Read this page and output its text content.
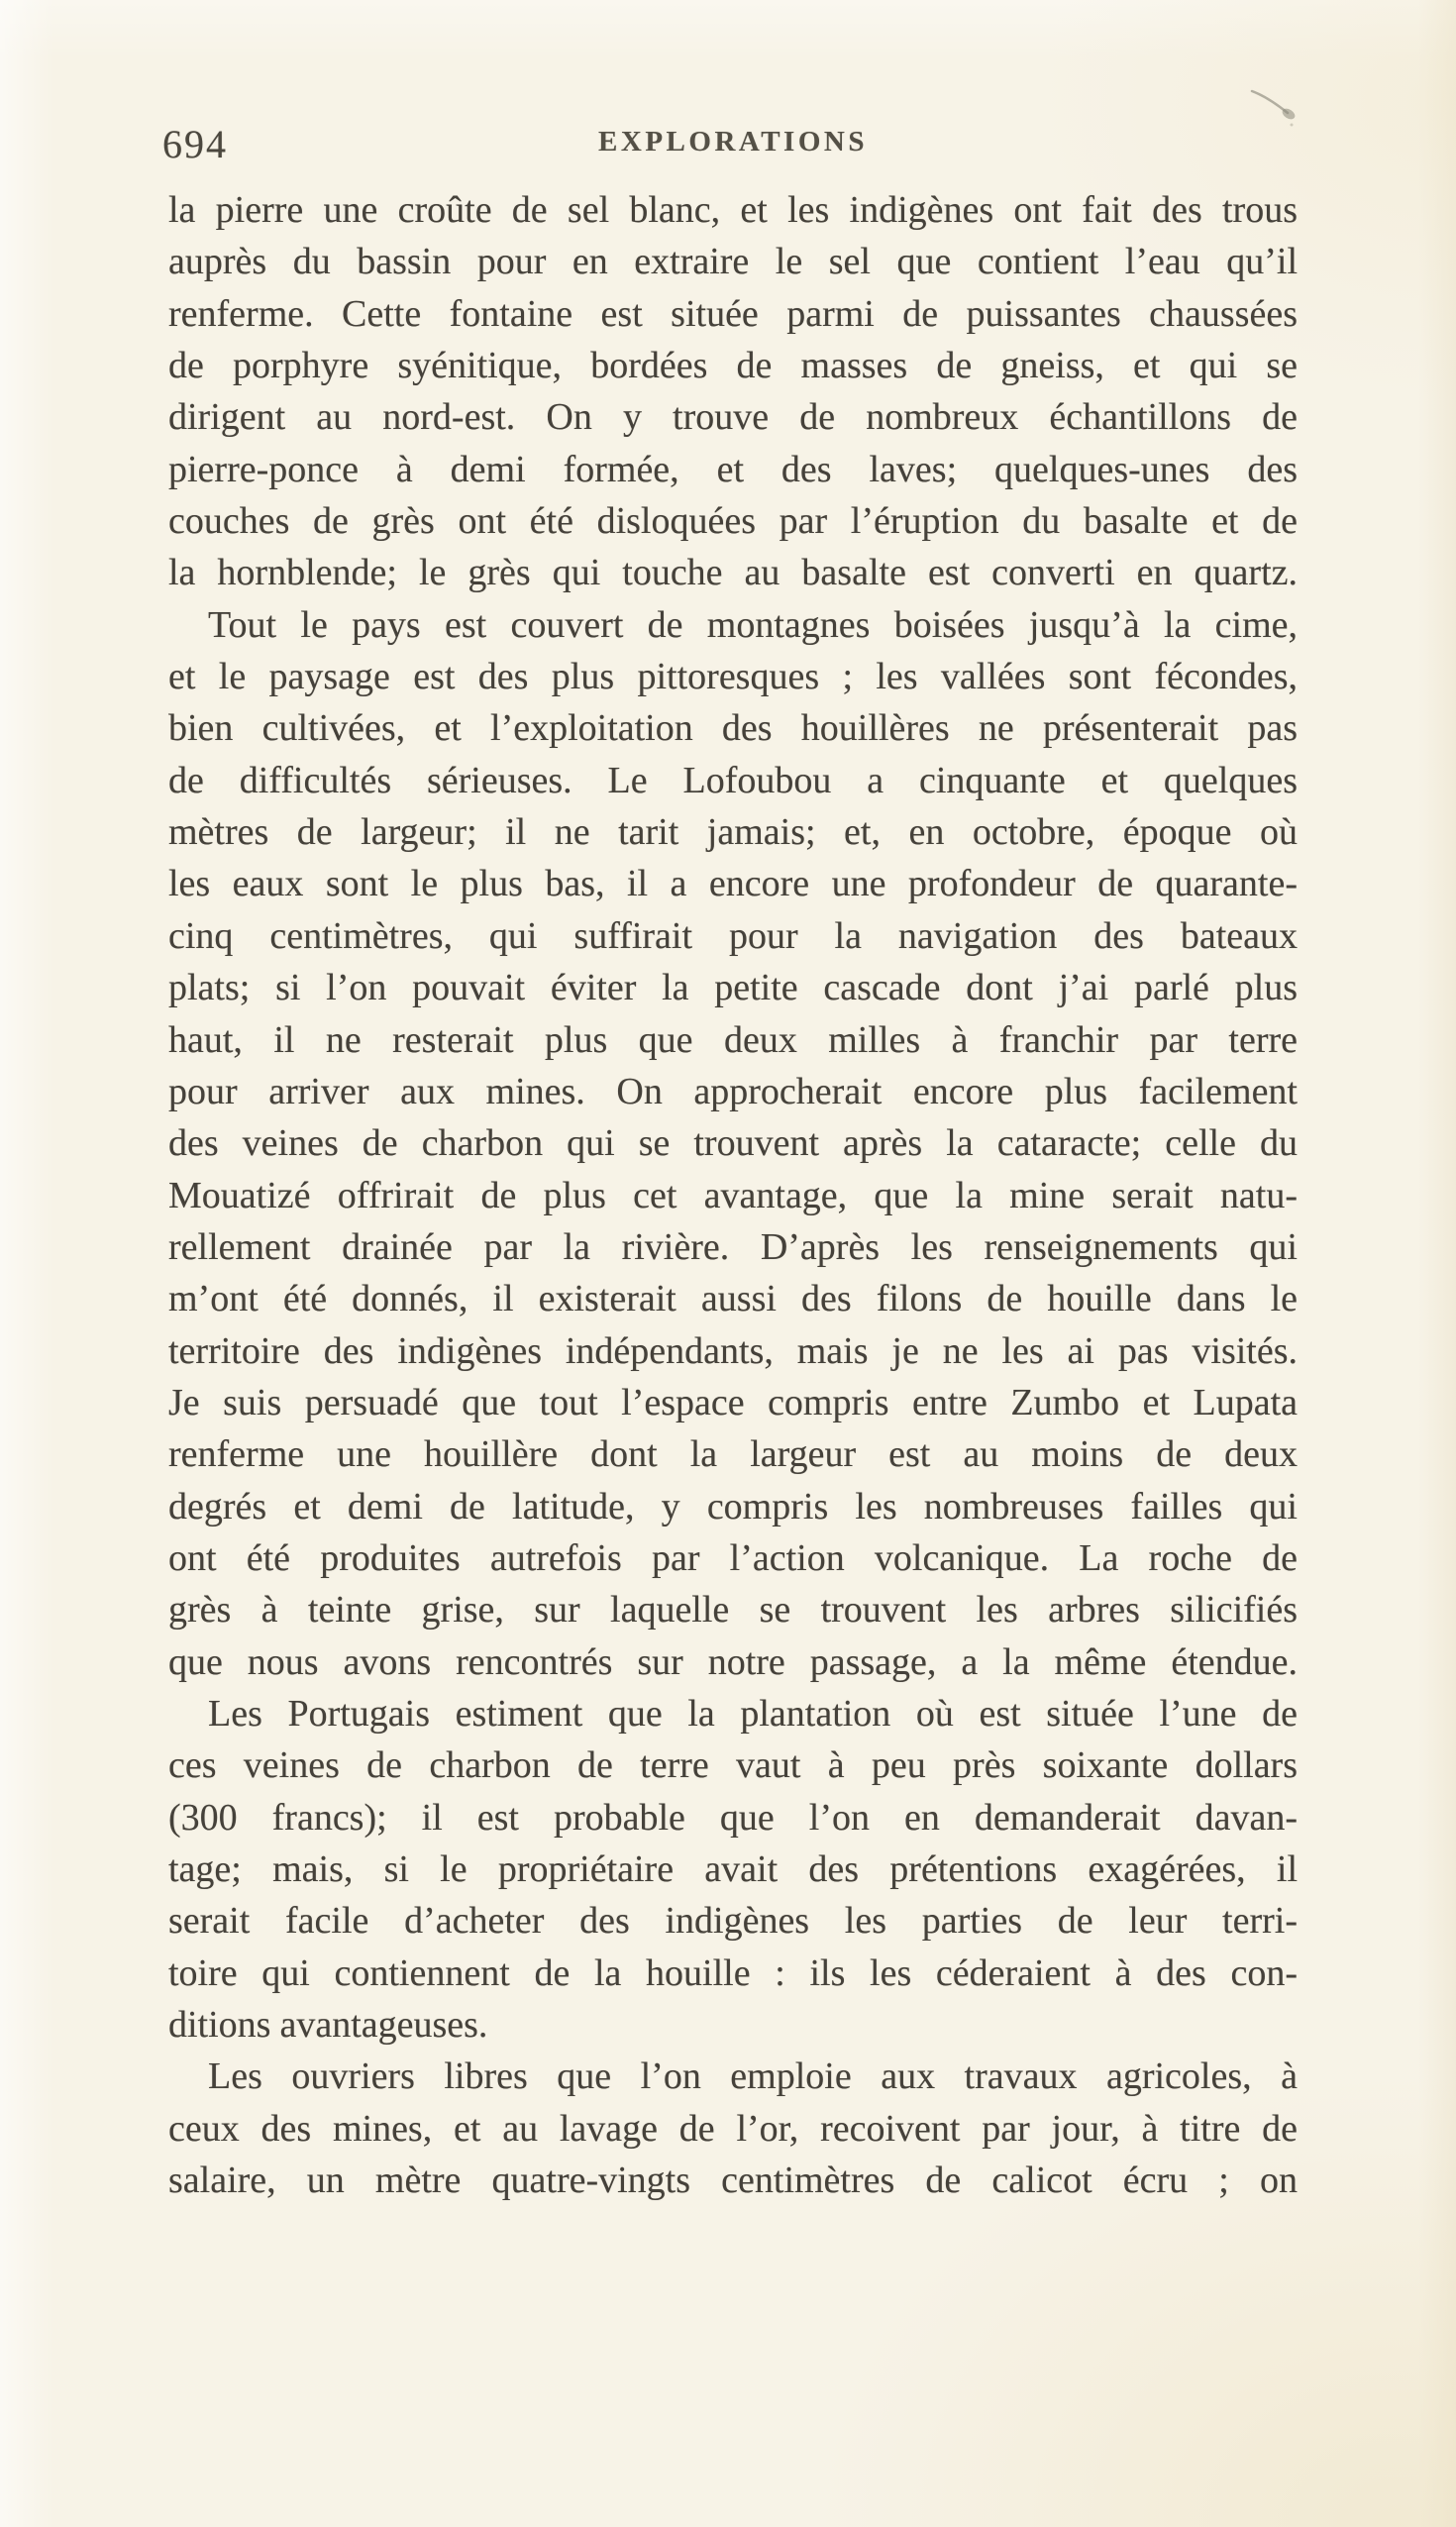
694	EXPLORATIONS
la pierre une croûte de sel blanc, et les indigènes ont fait des trous
auprès du bassin pour en extraire le sel que contient l’eau qu’il
renferme. Cette fontaine est située parmi de puissantes chaussées
de porphyre syénitique, bordées de masses de gneiss, et qui se
dirigent au nord-est. On y trouve de nombreux échantillons de
pierre-ponce à demi formée, et des laves; quelques-unes des
couches de grès ont été disloquées par l’éruption du basalte et de
la hornblende; le grès qui touche au basalte est converti en quartz.
Tout le pays est couvert de montagnes boisées jusqu’à la cime,
et le paysage est des plus pittoresques ; les vallées sont fécondes,
bien cultivées, et l’exploitation des houillères ne présenterait pas
de difficultés sérieuses. Le Lofoubou a cinquante et quelques
mètres de largeur; il ne tarit jamais; et, en octobre, époque où
les eaux sont le plus bas, il a encore une profondeur de quarante-
cinq centimètres, qui suffirait pour la navigation des bateaux
plats; si l’on pouvait éviter la petite cascade dont j’ai parlé plus
haut, il ne resterait plus que deux milles à franchir par terre
pour arriver aux mines. On approcherait encore plus facilement
des veines de charbon qui se trouvent après la cataracte; celle du
Mouatizé offrirait de plus cet avantage, que la mine serait natu-
rellement drainée par la rivière. D’après les renseignements qui
m’ont été donnés, il existerait aussi des filons de houille dans le
territoire des indigènes indépendants, mais je ne les ai pas visités.
Je suis persuadé que tout l’espace compris entre Zumbo et Lupata
renferme une houillère dont la largeur est au moins de deux
degrés et demi de latitude, y compris les nombreuses failles qui
ont été produites autrefois par l’action volcanique. La roche de
grès à teinte grise, sur laquelle se trouvent les arbres silicifiés
que nous avons rencontrés sur notre passage, a la même étendue.
Les Portugais estiment que la plantation où est située l’une de
ces veines de charbon de terre vaut à peu près soixante dollars
(300 francs); il est probable que l’on en demanderait davan-
tage; mais, si le propriétaire avait des prétentions exagérées, il
serait facile d’acheter des indigènes les parties de leur terri-
toire qui contiennent de la houille : ils les céderaient à des con-
ditions avantageuses.
Les ouvriers libres que l’on emploie aux travaux agricoles, à
ceux des mines, et au lavage de l’or, recoivent par jour, à titre de
salaire, un mètre quatre-vingts centimètres de calicot écru ; on
